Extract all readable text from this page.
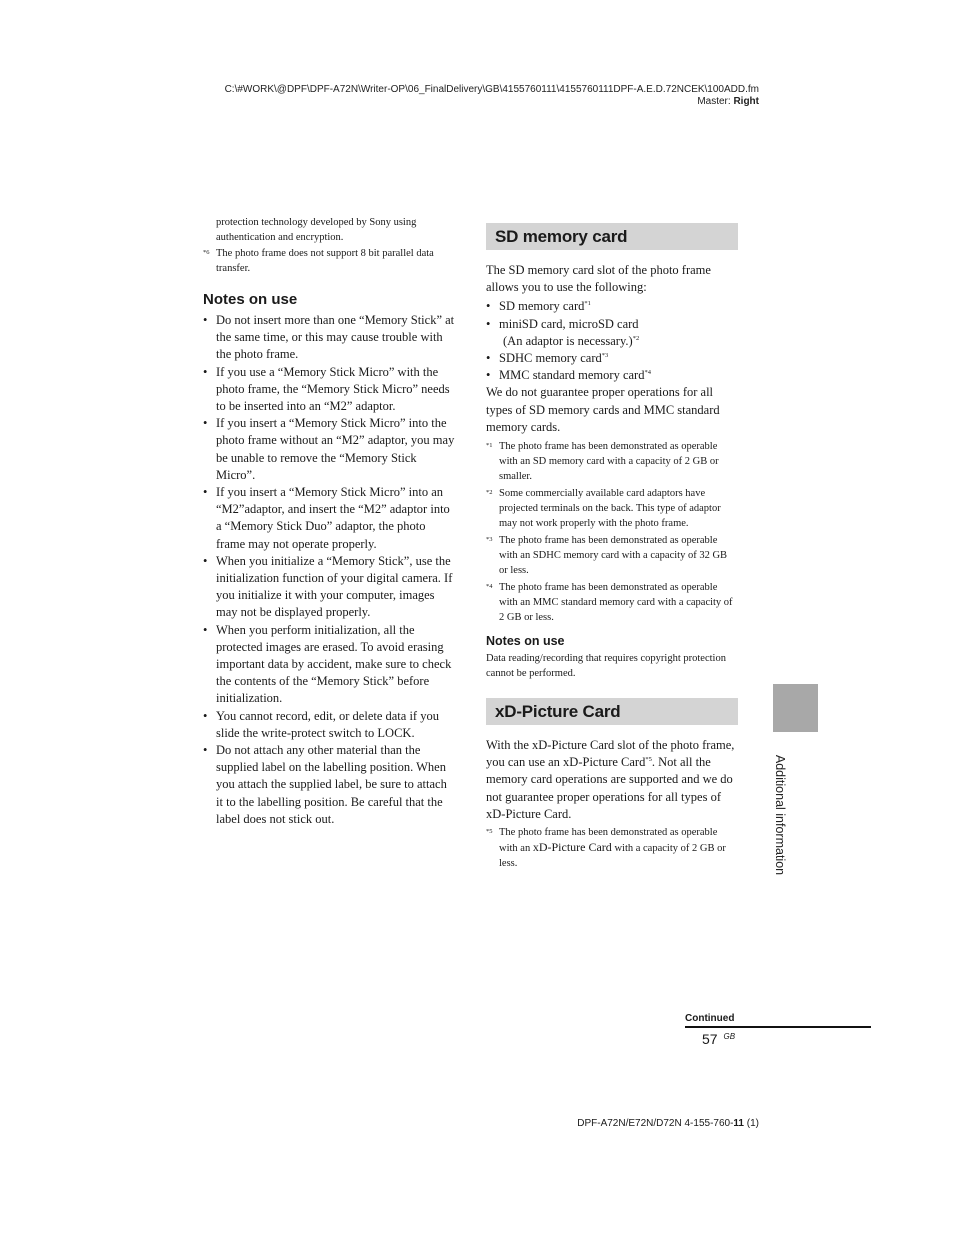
C:\#WORK\@DPF\DPF-A72N\Writer-OP\06_FinalDelivery\GB\4155760111\4155760111DPF-A.E.D.72NCEK\100ADD.fm
Master: Right
protection technology developed by Sony using authentication and encryption.
*6 The photo frame does not support 8 bit parallel data transfer.
Notes on use
• Do not insert more than one “Memory Stick” at the same time, or this may cause trouble with the photo frame.
• If you use a “Memory Stick Micro” with the photo frame, the “Memory Stick Micro” needs to be inserted into an “M2” adaptor.
• If you insert a “Memory Stick Micro” into the photo frame without an “M2” adaptor, you may be unable to remove the “Memory Stick Micro”.
• If you insert a “Memory Stick Micro” into an “M2”adaptor, and insert the “M2” adaptor into a “Memory Stick Duo” adaptor, the photo frame may not operate properly.
• When you initialize a “Memory Stick”, use the initialization function of your digital camera. If you initialize it with your computer, images may not be displayed properly.
• When you perform initialization, all the protected images are erased. To avoid erasing important data by accident, make sure to check the contents of the “Memory Stick” before initialization.
• You cannot record, edit, or delete data if you slide the write-protect switch to LOCK.
• Do not attach any other material than the supplied label on the labelling position. When you attach the supplied label, be sure to attach it to the labelling position. Be careful that the label does not stick out.
SD memory card
The SD memory card slot of the photo frame allows you to use the following:
• SD memory card$^{*1}$
• miniSD card, microSD card
(An adaptor is necessary.)$^{*2}$
• SDHC memory card$^{*3}$
• MMC standard memory card$^{*4}$
We do not guarantee proper operations for all types of SD memory cards and MMC standard memory cards.
*1 The photo frame has been demonstrated as operable with an SD memory card with a capacity of 2 GB or smaller.
*2 Some commercially available card adaptors have projected terminals on the back. This type of adaptor may not work properly with the photo frame.
*3 The photo frame has been demonstrated as operable with an SDHC memory card with a capacity of 32 GB or less.
*4 The photo frame has been demonstrated as operable with an MMC standard memory card with a capacity of 2 GB or less.
Notes on use
Data reading/recording that requires copyright protection cannot be performed.
xD-Picture Card
With the xD-Picture Card slot of the photo frame, you can use an xD-Picture Card$^{*5}$. Not all the memory card operations are supported and we do not guarantee proper operations for all types of xD-Picture Card.
*5 The photo frame has been demonstrated as operable with an xD-Picture Card with a capacity of 2 GB or less.	Additional information
Continued
57 $^{GB}$
DPF-A72N/E72N/D72N 4-155-760-11 (1)
